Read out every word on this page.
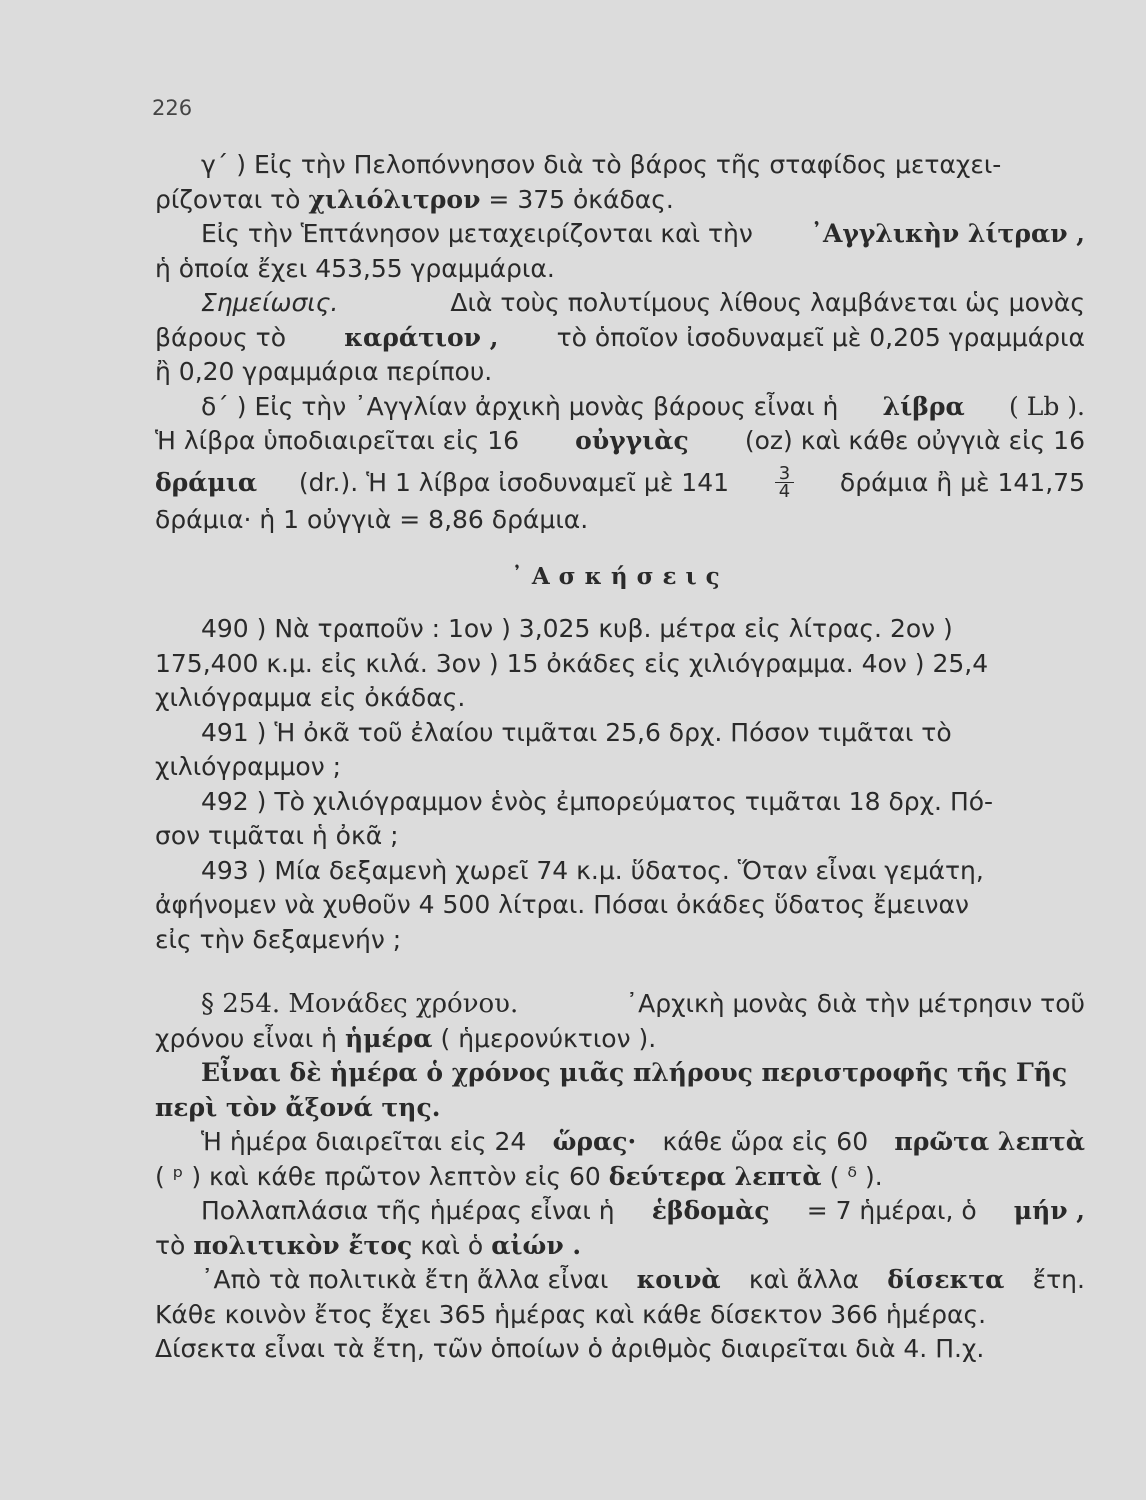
226
γ΄ ) Εἰς τὴν Πελοπόννησον διὰ τὸ βάρος τῆς σταφίδος μεταχει-
ρίζονται τὸ χιλιόλιτρον = 375 ὀκάδας.
Εἰς τὴν Ἑπτάνησον μεταχειρίζονται καὶ τὴν ᾿Αγγλικὴν λίτραν ,
ἡ ὁποία ἔχει 453,55 γραμμάρια.
Σημείωσις.	Διὰ τοὺς πολυτίμους λίθους λαμβάνεται ὡς μονὰς
βάρους τὸ καράτιον , τὸ ὁποῖον ἰσοδυναμεῖ μὲ 0,205 γραμμάρια
ἢ 0,20 γραμμάρια περίπου.
δ΄ ) Εἰς τὴν ᾿Αγγλίαν ἀρχικὴ μονὰς βάρους εἶναι ἡ λίβρα ( Lb ).
Ἡ λίβρα ὑποδιαιρεῖται εἰς 16 οὐγγιὰς (oz) καὶ κάθε οὐγγιὰ εἰς 16
δράμια (dr.). Ἡ 1 λίβρα ἰσοδυναμεῖ μὲ 141	$\frac{3}{4}$ δράμια ἢ μὲ 141,75
δράμια· ἡ 1 οὐγγιὰ = 8,86 δράμια.
᾿Ασκήσεις
490 ) Νὰ τραποῦν : 1ον ) 3,025 κυβ. μέτρα εἰς λίτρας. 2ον )
175,400 κ.μ. εἰς κιλά. 3ον ) 15 ὀκάδες εἰς χιλιόγραμμα. 4ον ) 25,4
χιλιόγραμμα εἰς ὀκάδας.
491 ) Ἡ ὀκᾶ τοῦ ἐλαίου τιμᾶται 25,6 δρχ. Πόσον τιμᾶται τὸ
χιλιόγραμμον ;
492 ) Τὸ χιλιόγραμμον ἑνὸς ἐμπορεύματος τιμᾶται 18 δρχ. Πό-
σον τιμᾶται ἡ ὀκᾶ ;
493 ) Μία δεξαμενὴ χωρεῖ 74 κ.μ. ὕδατος. Ὅταν εἶναι γεμάτη,
ἀφήνομεν νὰ χυθοῦν 4 500 λίτραι. Πόσαι ὀκάδες ὕδατος ἔμειναν
εἰς τὴν δεξαμενήν ;
§ 254. Μονάδες χρόνου.	᾿Αρχικὴ μονὰς διὰ τὴν μέτρησιν τοῦ
χρόνου εἶναι ἡ ἡμέρα ( ἡμερονύκτιον ).
Εἶναι δὲ ἡμέρα ὁ χρόνος μιᾶς πλήρους περιστροφῆς τῆς Γῆς
περὶ τὸν ἄξονά της.
Ἡ ἡμέρα διαιρεῖται εἰς 24 ὥρας· κάθε ὥρα εἰς 60 πρῶτα λεπτὰ
( ᵖ ) καὶ κάθε πρῶτον λεπτὸν εἰς 60 δεύτερα λεπτὰ ( ᵟ ).
Πολλαπλάσια τῆς ἡμέρας εἶναι ἡ ἑβδομὰς = 7 ἡμέραι, ὁ μήν ,
τὸ πολιτικὸν ἔτος καὶ ὁ αἰών .
᾿Απὸ τὰ πολιτικὰ ἔτη ἄλλα εἶναι κοινὰ καὶ ἄλλα δίσεκτα ἔτη.
Κάθε κοινὸν ἔτος ἔχει 365 ἡμέρας καὶ κάθε δίσεκτον 366 ἡμέρας.
Δίσεκτα εἶναι τὰ ἔτη, τῶν ὁποίων ὁ ἀριθμὸς διαιρεῖται διὰ 4. Π.χ.
